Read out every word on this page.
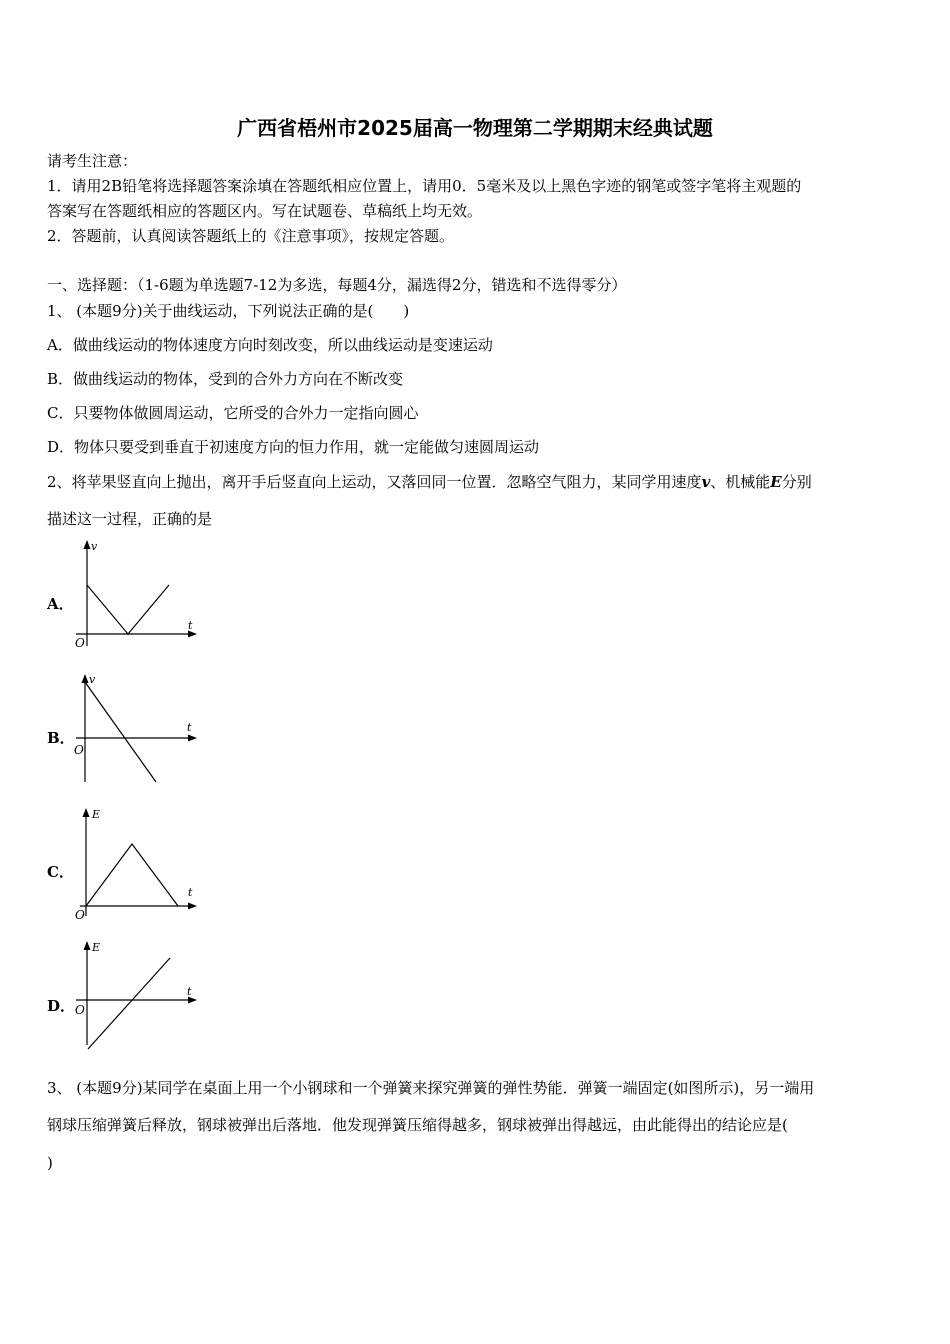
广西省梧州市2025届高一物理第二学期期末经典试题
请考生注意：
1．请用2B铅笔将选择题答案涂填在答题纸相应位置上，请用0．5毫米及以上黑色字迹的钢笔或签字笔将主观题的
答案写在答题纸相应的答题区内。写在试题卷、草稿纸上均无效。
2．答题前，认真阅读答题纸上的《注意事项》，按规定答题。
一、选择题：（1-6题为单选题7-12为多选，每题4分，漏选得2分，错选和不选得零分）
1、 (本题9分)关于曲线运动，下列说法正确的是(　　)
A．做曲线运动的物体速度方向时刻改变，所以曲线运动是变速运动
B．做曲线运动的物体，受到的合外力方向在不断改变
C．只要物体做圆周运动，它所受的合外力一定指向圆心
D．物体只要受到垂直于初速度方向的恒力作用，就一定能做匀速圆周运动
2、将苹果竖直向上抛出，离开手后竖直向上运动，又落回同一位置．忽略空气阻力，某同学用速度v、机械能E分别
描述这一过程，正确的是
A．
v
t
O
B．
v
t
O
C．
E
t
O
D．
E
t
O
3、 (本题9分)某同学在桌面上用一个小钢球和一个弹簧来探究弹簧的弹性势能．弹簧一端固定(如图所示)，另一端用
钢球压缩弹簧后释放，钢球被弹出后落地．他发现弹簧压缩得越多，钢球被弹出得越远，由此能得出的结论应是(
)
